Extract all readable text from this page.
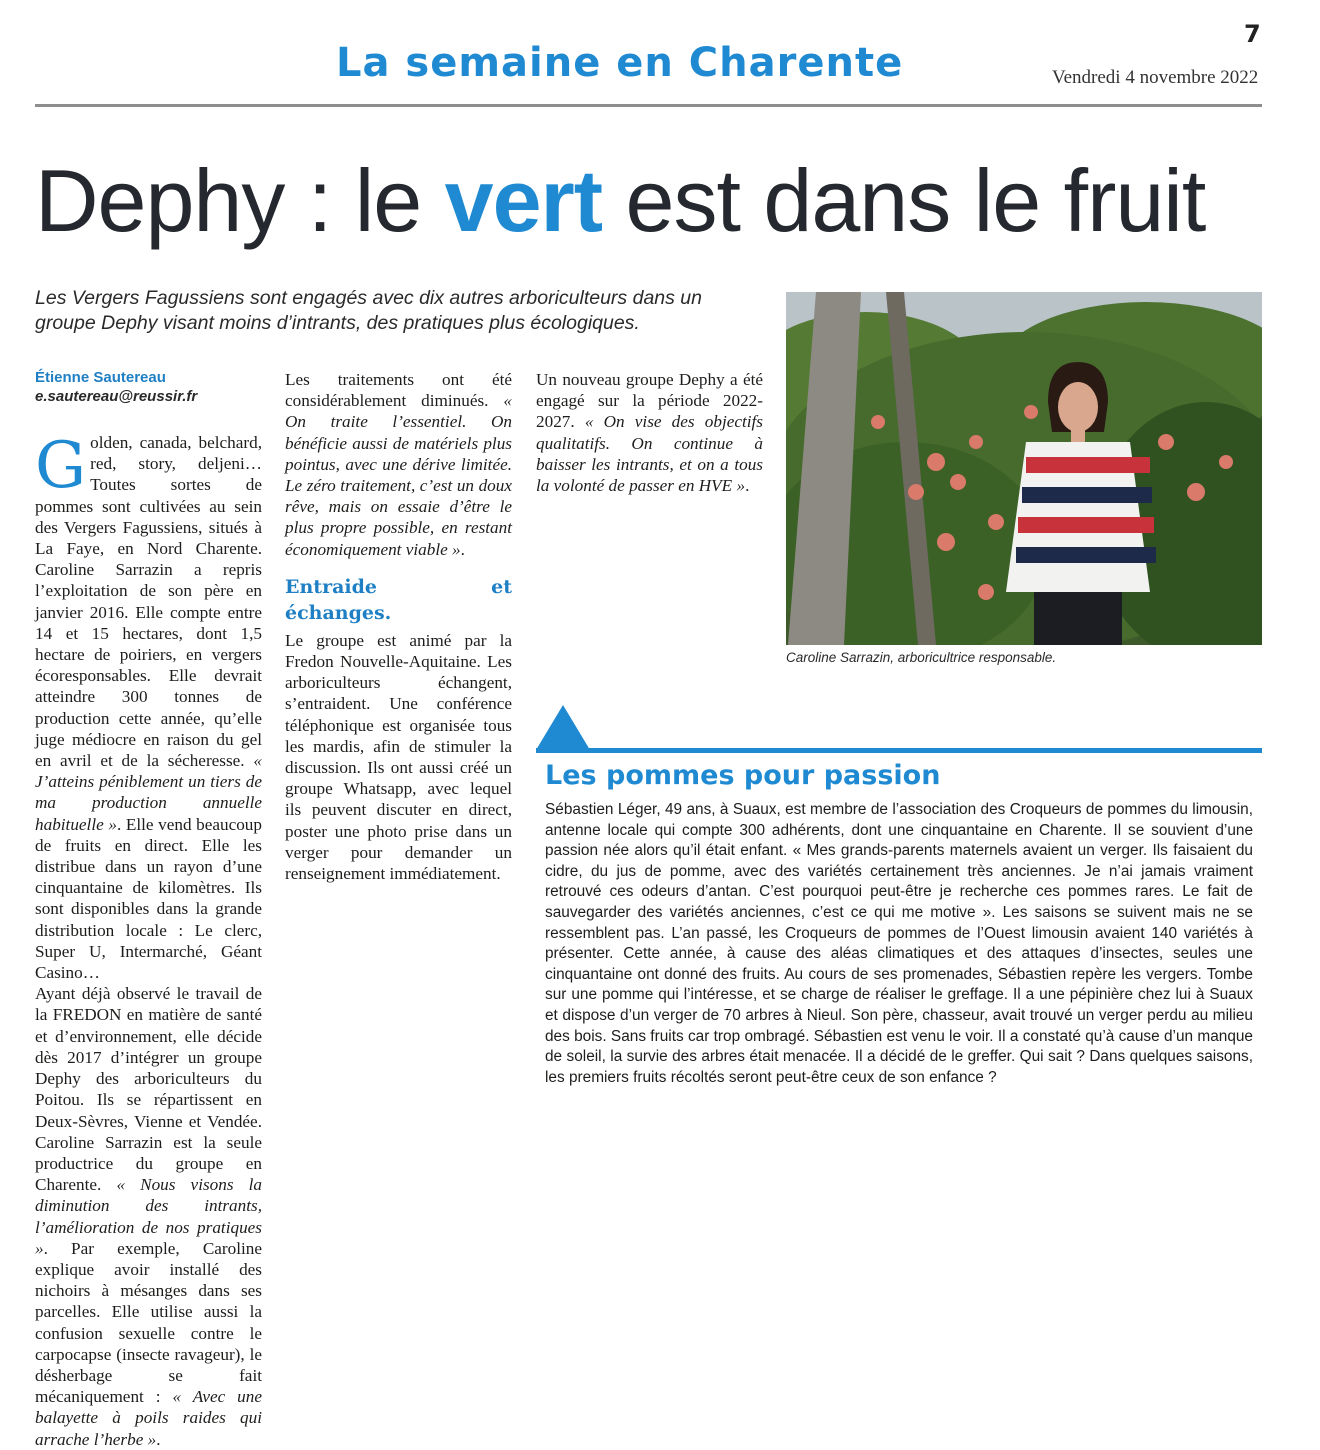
7
La semaine en Charente	Vendredi 4 novembre 2022
Dephy : le vert est dans le fruit
Les Vergers Fagussiens sont engagés avec dix autres arboriculteurs dans un groupe Dephy visant moins d’intrants, des pratiques plus écologiques.
Étienne Sautereau
e.sautereau@reussir.fr

Golden, canada, belchard, red, story, deljeni… Toutes sortes de pommes sont cultivées au sein des Vergers Fagussiens, situés à La Faye, en Nord Charente. Caroline Sarrazin a repris l’exploitation de son père en janvier 2016. Elle compte entre 14 et 15 hectares, dont 1,5 hectare de poiriers, en vergers écoresponsables. Elle devrait atteindre 300 tonnes de production cette année, qu’elle juge médiocre en raison du gel en avril et de la sécheresse. « J’atteins péniblement un tiers de ma production annuelle habituelle ». Elle vend beaucoup de fruits en direct. Elle les distribue dans un rayon d’une cinquantaine de kilomètres. Ils sont disponibles dans la grande distribution locale : Le clerc, Super U, Intermarché, Géant Casino…

Ayant déjà observé le travail de la FREDON en matière de santé et d’environnement, elle décide dès 2017 d’intégrer un groupe Dephy des arboriculteurs du Poitou. Ils se répartissent en Deux-Sèvres, Vienne et Vendée. Caroline Sarrazin est la seule productrice du groupe en Charente. « Nous visons la diminution des intrants, l’amélioration de nos pratiques ». Par exemple, Caroline explique avoir installé des nichoirs à mésanges dans ses parcelles. Elle utilise aussi la confusion sexuelle contre le carpocapse (insecte ravageur), le désherbage se fait mécaniquement : « Avec une balayette à poils raides qui arrache l’herbe ».

Les traitements ont été considérablement diminués. « On traite l’essentiel. On bénéficie aussi de matériels plus pointus, avec une dérive limitée. Le zéro traitement, c’est un doux rêve, mais on essaie d’être le plus propre possible, en restant économiquement viable ».

Entraide et échanges.

Le groupe est animé par la Fredon Nouvelle-Aquitaine. Les arboriculteurs échangent, s’entraident. Une conférence téléphonique est organisée tous les mardis, afin de stimuler la discussion. Ils ont aussi créé un groupe Whatsapp, avec lequel ils peuvent discuter en direct, poster une photo prise dans un verger pour demander un renseignement immédiatement.

Un nouveau groupe Dephy a été engagé sur la période 2022-2027. « On vise des objectifs qualitatifs. On continue à baisser les intrants, et on a tous la volonté de passer en HVE ».

Caroline Sarrazin, arboricultrice responsable.
Les pommes pour passion
Sébastien Léger, 49 ans, à Suaux, est membre de l’association des Croqueurs de pommes du limousin, antenne locale qui compte 300 adhérents, dont une cinquantaine en Charente. Il se souvient d’une passion née alors qu’il était enfant. « Mes grands-parents maternels avaient un verger. Ils faisaient du cidre, du jus de pomme, avec des variétés certainement très anciennes. Je n’ai jamais vraiment retrouvé ces odeurs d’antan. C’est pourquoi peut-être je recherche ces pommes rares. Le fait de sauvegarder des variétés anciennes, c’est ce qui me motive ». Les saisons se suivent mais ne se ressemblent pas. L’an passé, les Croqueurs de pommes de l’Ouest limousin avaient 140 variétés à présenter. Cette année, à cause des aléas climatiques et des attaques d’insectes, seules une cinquantaine ont donné des fruits. Au cours de ses promenades, Sébastien repère les vergers. Tombe sur une pomme qui l’intéresse, et se charge de réaliser le greffage. Il a une pépinière chez lui à Suaux et dispose d’un verger de 70 arbres à Nieul. Son père, chasseur, avait trouvé un verger perdu au milieu des bois. Sans fruits car trop ombragé. Sébastien est venu le voir. Il a constaté qu’à cause d’un manque de soleil, la survie des arbres était menacée. Il a décidé de le greffer. Qui sait ? Dans quelques saisons, les premiers fruits récoltés seront peut-être ceux de son enfance ?
